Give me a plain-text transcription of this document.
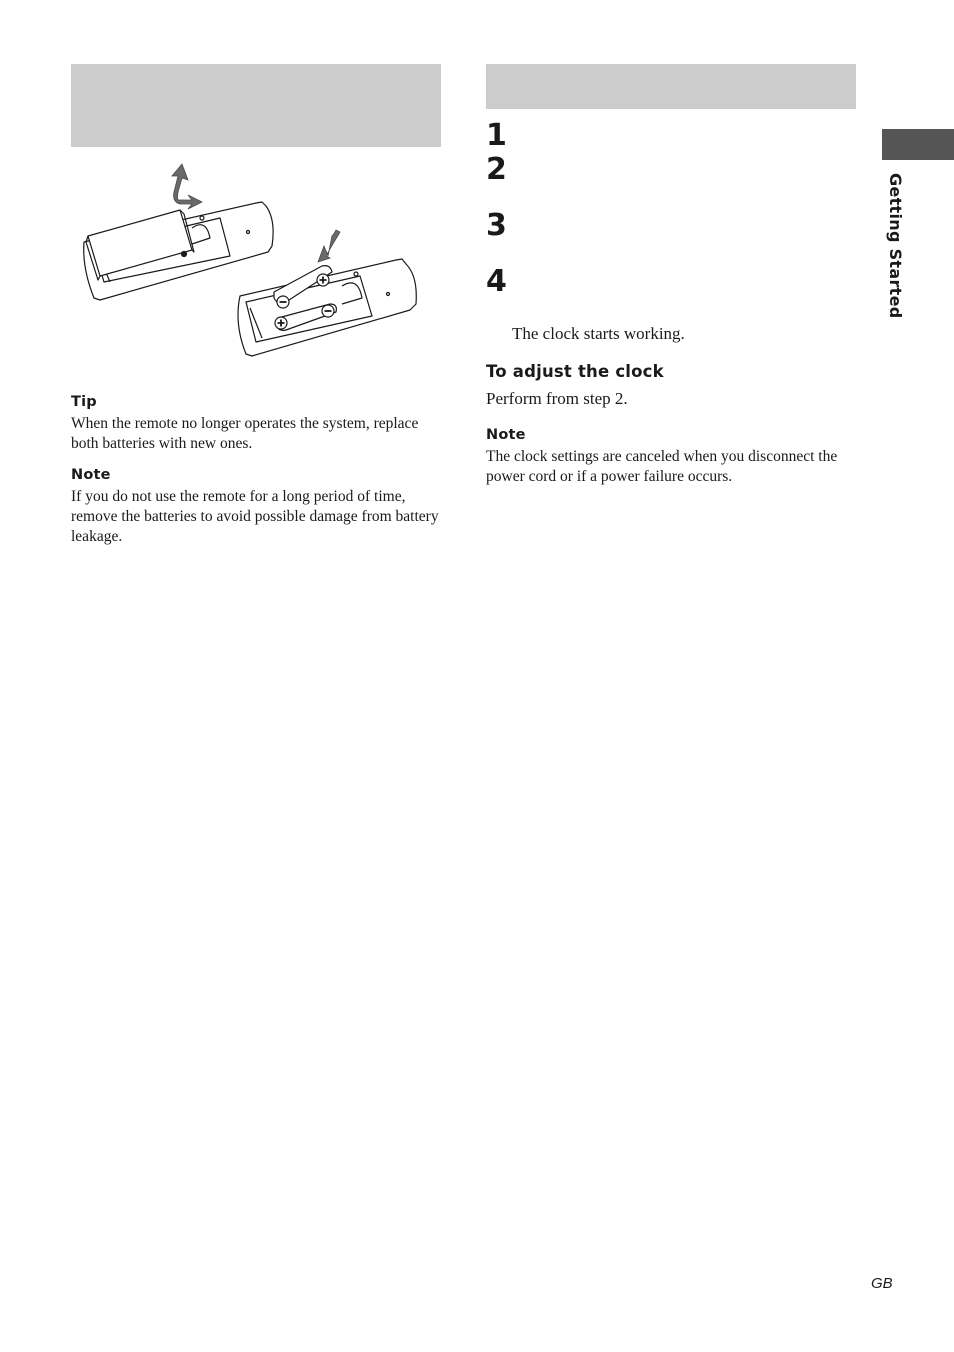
Tip
When the remote no longer operates the system, replace both batteries with new ones.
Note
If you do not use the remote for a long period of time, remove the batteries to avoid possible damage from battery leakage.
1
2
3
4
The clock starts working.
To adjust the clock
Perform from step 2.
Note
The clock settings are canceled when you disconnect the power cord or if a power failure occurs.
Getting Started
GB
